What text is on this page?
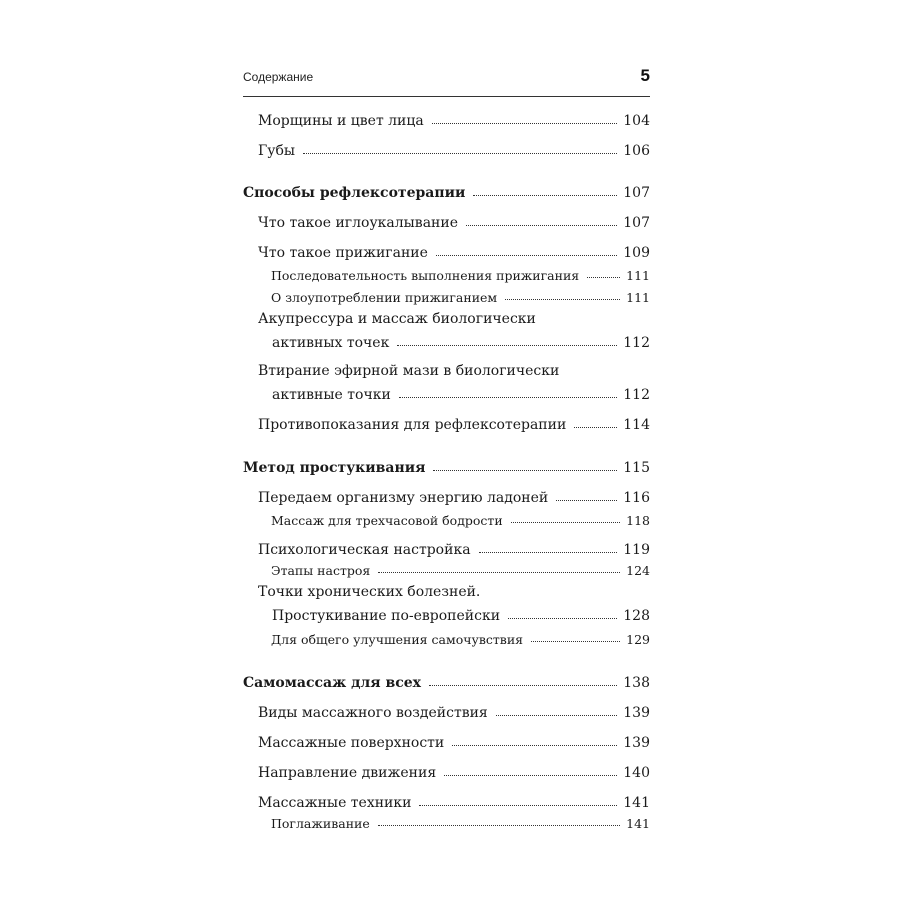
Содержание	5
Морщины и цвет лица	104
Губы	106
Способы рефлексотерапии	107
Что такое иглоукалывание	107
Что такое прижигание	109
Последовательность выполнения прижигания	111
О злоупотреблении прижиганием	111
Акупрессура и массаж биологически
активных точек	112
Втирание эфирной мази в биологически
активные точки	112
Противопоказания для рефлексотерапии	114
Метод простукивания	115
Передаем организму энергию ладоней	116
Массаж для трехчасовой бодрости	118
Психологическая настройка	119
Этапы настроя	124
Точки хронических болезней.
Простукивание по-европейски	128
Для общего улучшения самочувствия	129
Самомассаж для всех	138
Виды массажного воздействия	139
Массажные поверхности	139
Направление движения	140
Массажные техники	141
Поглаживание	141
